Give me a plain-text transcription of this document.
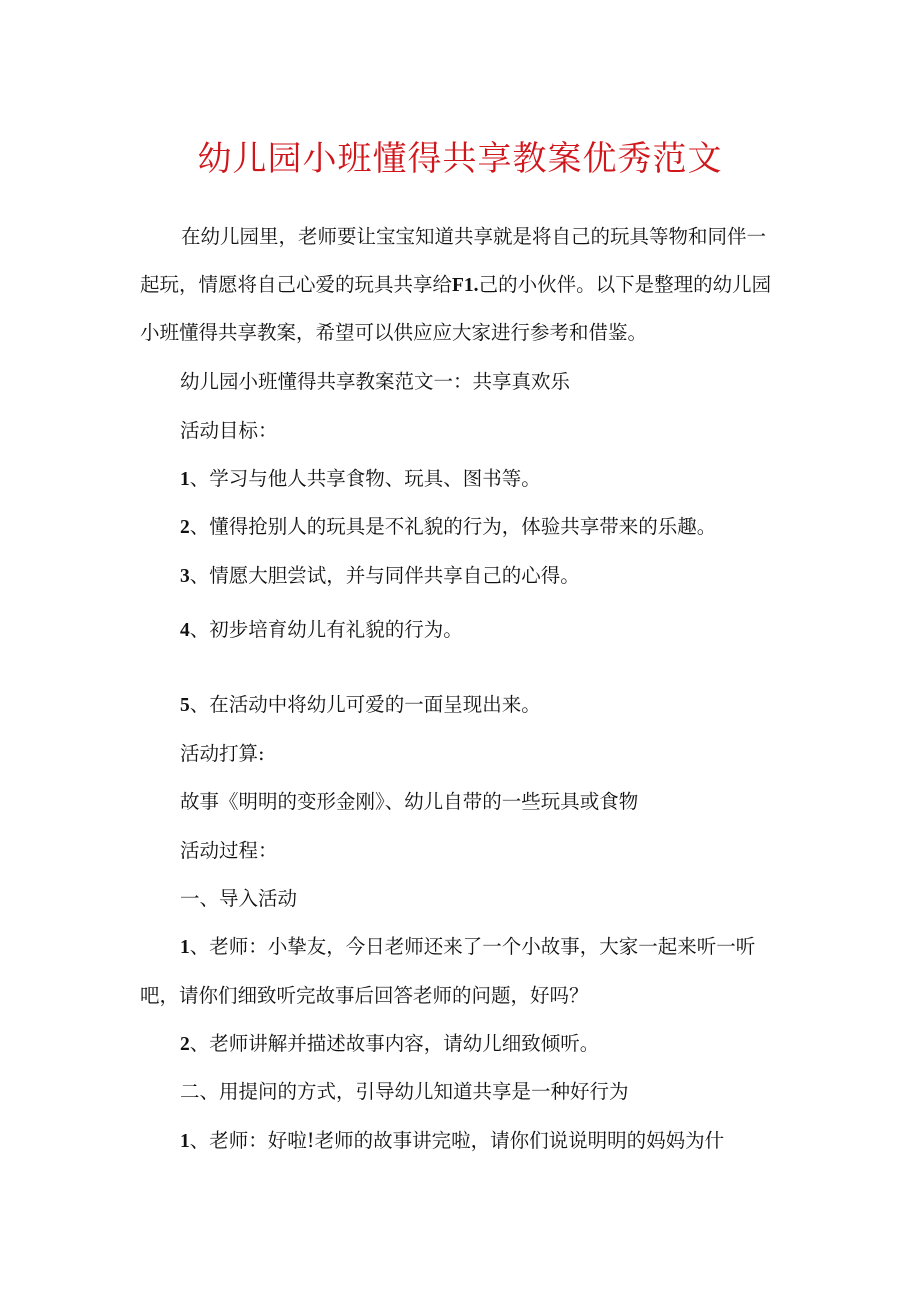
幼儿园小班懂得共享教案优秀范文

在幼儿园里，老师要让宝宝知道共享就是将自己的玩具等物和同伴一

起玩，情愿将自己心爱的玩具共享给F1.己的小伙伴。以下是整理的幼儿园

小班懂得共享教案，希望可以供应应大家进行参考和借鉴。

幼儿园小班懂得共享教案范文一：共享真欢乐

活动目标：

1、学习与他人共享食物、玩具、图书等。

2、懂得抢别人的玩具是不礼貌的行为，体验共享带来的乐趣。

3、情愿大胆尝试，并与同伴共享自己的心得。

4、初步培育幼儿有礼貌的行为。

5、在活动中将幼儿可爱的一面呈现出来。

活动打算:

故事《明明的变形金刚》、幼儿自带的一些玩具或食物

活动过程：

一、导入活动

1、老师：小挚友，今日老师还来了一个小故事，大家一起来听一听

吧，请你们细致听完故事后回答老师的问题，好吗？

2、老师讲解并描述故事内容，请幼儿细致倾听。

二、用提问的方式，引导幼儿知道共享是一种好行为

1、老师：好啦!老师的故事讲完啦，请你们说说明明的妈妈为什
